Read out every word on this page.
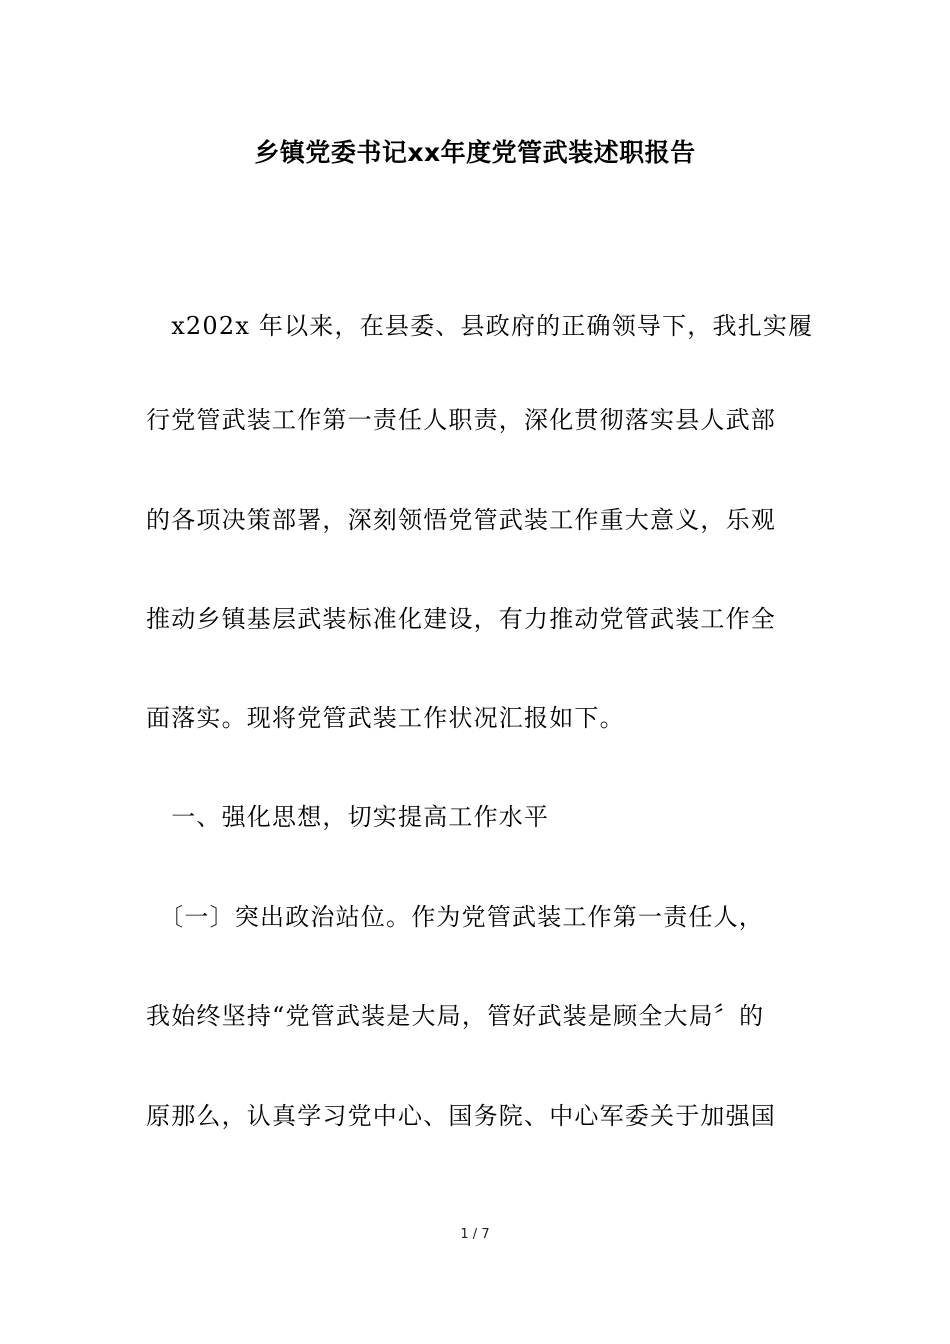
乡镇党委书记xx年度党管武装述职报告
　x202x 年以来，在县委、县政府的正确领导下，我扎实履
行党管武装工作第一责任人职责，深化贯彻落实县人武部
的各项决策部署，深刻领悟党管武装工作重大意义，乐观
推动乡镇基层武装标准化建设，有力推动党管武装工作全
面落实。现将党管武装工作状况汇报如下。
　一、强化思想，切实提高工作水平
　〔一〕突出政治站位。作为党管武装工作第一责任人，
我始终坚持“党管武装是大局，管好武装是顾全大局〞的
原那么，认真学习党中心、国务院、中心军委关于加强国
1 / 7
